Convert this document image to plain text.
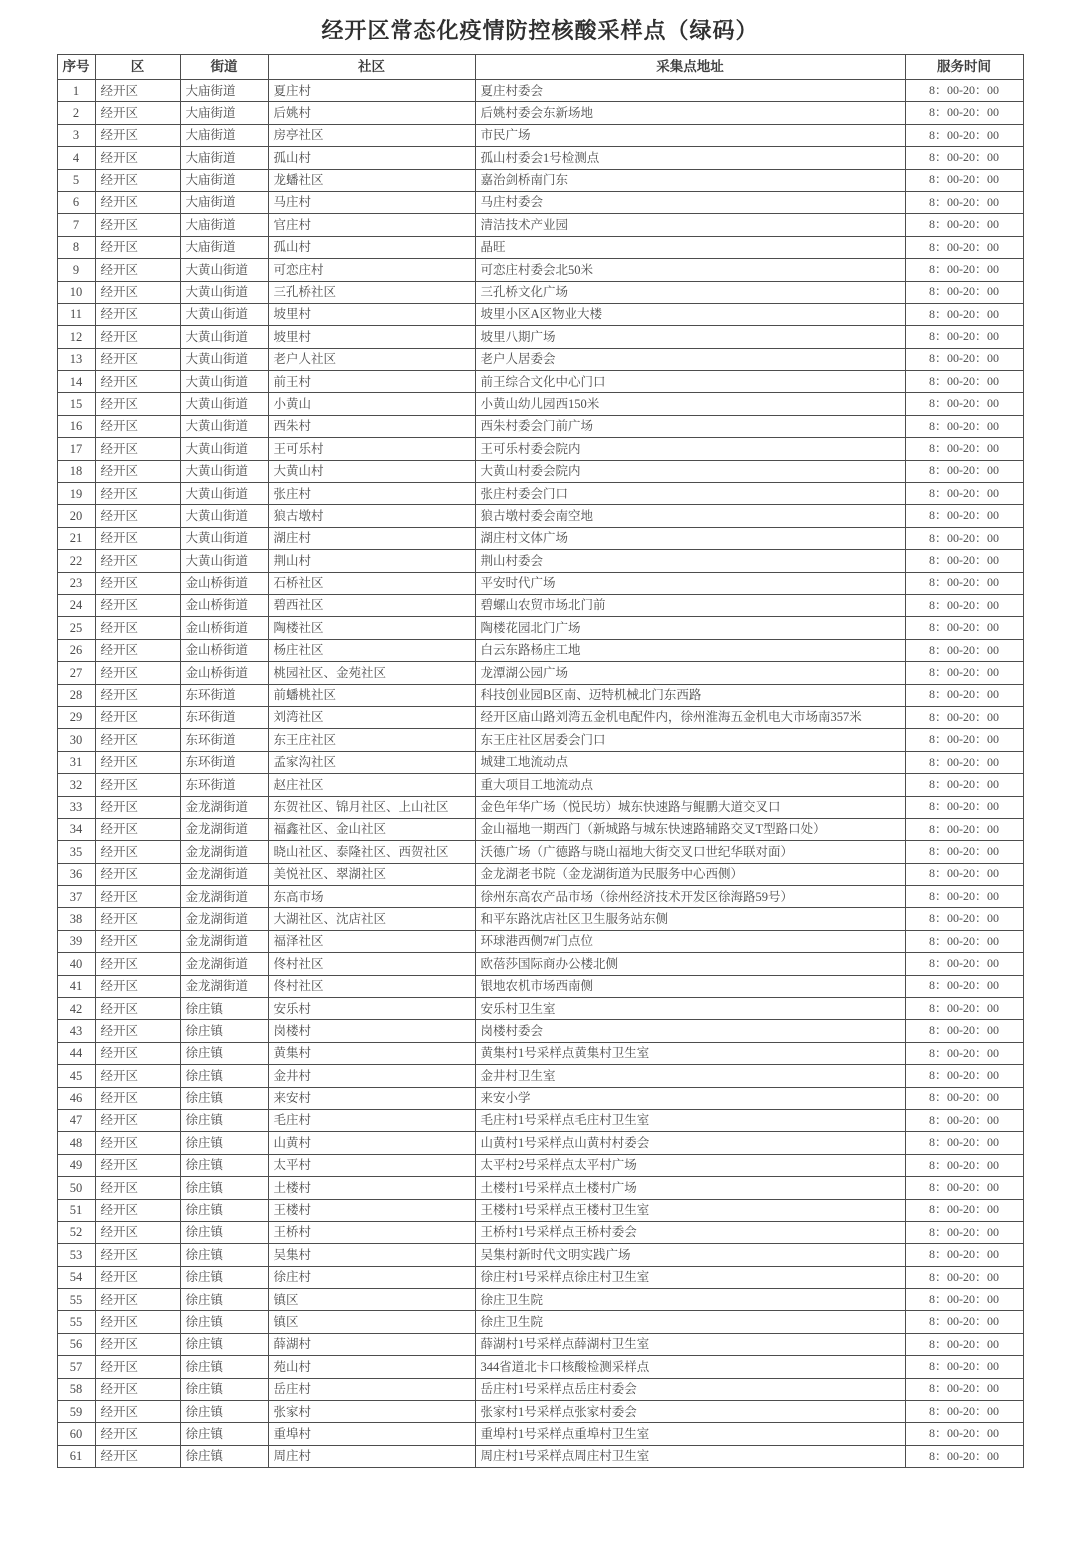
经开区常态化疫情防控核酸采样点（绿码）
序号	区	街道	社区	采集点地址	服务时间
1	经开区	大庙街道	夏庄村	夏庄村委会	8：00-20：00
2	经开区	大庙街道	后姚村	后姚村委会东新场地	8：00-20：00
3	经开区	大庙街道	房亭社区	市民广场	8：00-20：00
4	经开区	大庙街道	孤山村	孤山村委会1号检测点	8：00-20：00
5	经开区	大庙街道	龙蟠社区	嘉治剑桥南门东	8：00-20：00
6	经开区	大庙街道	马庄村	马庄村委会	8：00-20：00
7	经开区	大庙街道	官庄村	清洁技术产业园	8：00-20：00
8	经开区	大庙街道	孤山村	晶旺	8：00-20：00
9	经开区	大黄山街道	可恋庄村	可恋庄村委会北50米	8：00-20：00
10	经开区	大黄山街道	三孔桥社区	三孔桥文化广场	8：00-20：00
11	经开区	大黄山街道	坡里村	坡里小区A区物业大楼	8：00-20：00
12	经开区	大黄山街道	坡里村	坡里八期广场	8：00-20：00
13	经开区	大黄山街道	老户人社区	老户人居委会	8：00-20：00
14	经开区	大黄山街道	前王村	前王综合文化中心门口	8：00-20：00
15	经开区	大黄山街道	小黄山	小黄山幼儿园西150米	8：00-20：00
16	经开区	大黄山街道	西朱村	西朱村委会门前广场	8：00-20：00
17	经开区	大黄山街道	王可乐村	王可乐村委会院内	8：00-20：00
18	经开区	大黄山街道	大黄山村	大黄山村委会院内	8：00-20：00
19	经开区	大黄山街道	张庄村	张庄村委会门口	8：00-20：00
20	经开区	大黄山街道	狼古墩村	狼古墩村委会南空地	8：00-20：00
21	经开区	大黄山街道	湖庄村	湖庄村文体广场	8：00-20：00
22	经开区	大黄山街道	荆山村	荆山村委会	8：00-20：00
23	经开区	金山桥街道	石桥社区	平安时代广场	8：00-20：00
24	经开区	金山桥街道	碧西社区	碧螺山农贸市场北门前	8：00-20：00
25	经开区	金山桥街道	陶楼社区	陶楼花园北门广场	8：00-20：00
26	经开区	金山桥街道	杨庄社区	白云东路杨庄工地	8：00-20：00
27	经开区	金山桥街道	桃园社区、金苑社区	龙潭湖公园广场	8：00-20：00
28	经开区	东环街道	前蟠桃社区	科技创业园B区南、迈特机械北门东西路	8：00-20：00
29	经开区	东环街道	刘湾社区	经开区庙山路刘湾五金机电配件内，徐州淮海五金机电大市场南357米	8：00-20：00
30	经开区	东环街道	东王庄社区	东王庄社区居委会门口	8：00-20：00
31	经开区	东环街道	孟家沟社区	城建工地流动点	8：00-20：00
32	经开区	东环街道	赵庄社区	重大项目工地流动点	8：00-20：00
33	经开区	金龙湖街道	东贺社区、锦月社区、上山社区	金色年华广场（悦民坊）城东快速路与鲲鹏大道交叉口	8：00-20：00
34	经开区	金龙湖街道	福鑫社区、金山社区	金山福地一期西门（新城路与城东快速路辅路交叉T型路口处）	8：00-20：00
35	经开区	金龙湖街道	晓山社区、泰隆社区、西贺社区	沃德广场（广德路与晓山福地大街交叉口世纪华联对面）	8：00-20：00
36	经开区	金龙湖街道	美悦社区、翠湖社区	金龙湖老书院（金龙湖街道为民服务中心西侧）	8：00-20：00
37	经开区	金龙湖街道	东高市场	徐州东高农产品市场（徐州经济技术开发区徐海路59号）	8：00-20：00
38	经开区	金龙湖街道	大湖社区、沈店社区	和平东路沈店社区卫生服务站东侧	8：00-20：00
39	经开区	金龙湖街道	福泽社区	环球港西侧7#门点位	8：00-20：00
40	经开区	金龙湖街道	佟村社区	欧蓓莎国际商办公楼北侧	8：00-20：00
41	经开区	金龙湖街道	佟村社区	银地农机市场西南侧	8：00-20：00
42	经开区	徐庄镇	安乐村	安乐村卫生室	8：00-20：00
43	经开区	徐庄镇	岗楼村	岗楼村委会	8：00-20：00
44	经开区	徐庄镇	黄集村	黄集村1号采样点黄集村卫生室	8：00-20：00
45	经开区	徐庄镇	金井村	金井村卫生室	8：00-20：00
46	经开区	徐庄镇	来安村	来安小学	8：00-20：00
47	经开区	徐庄镇	毛庄村	毛庄村1号采样点毛庄村卫生室	8：00-20：00
48	经开区	徐庄镇	山黄村	山黄村1号采样点山黄村村委会	8：00-20：00
49	经开区	徐庄镇	太平村	太平村2号采样点太平村广场	8：00-20：00
50	经开区	徐庄镇	土楼村	土楼村1号采样点土楼村广场	8：00-20：00
51	经开区	徐庄镇	王楼村	王楼村1号采样点王楼村卫生室	8：00-20：00
52	经开区	徐庄镇	王桥村	王桥村1号采样点王桥村委会	8：00-20：00
53	经开区	徐庄镇	吴集村	吴集村新时代文明实践广场	8：00-20：00
54	经开区	徐庄镇	徐庄村	徐庄村1号采样点徐庄村卫生室	8：00-20：00
55	经开区	徐庄镇	镇区	徐庄卫生院	8：00-20：00
55	经开区	徐庄镇	镇区	徐庄卫生院	8：00-20：00
56	经开区	徐庄镇	薛湖村	薛湖村1号采样点薛湖村卫生室	8：00-20：00
57	经开区	徐庄镇	苑山村	344省道北卡口核酸检测采样点	8：00-20：00
58	经开区	徐庄镇	岳庄村	岳庄村1号采样点岳庄村委会	8：00-20：00
59	经开区	徐庄镇	张家村	张家村1号采样点张家村委会	8：00-20：00
60	经开区	徐庄镇	重埠村	重埠村1号采样点重埠村卫生室	8：00-20：00
61	经开区	徐庄镇	周庄村	周庄村1号采样点周庄村卫生室	8：00-20：00
